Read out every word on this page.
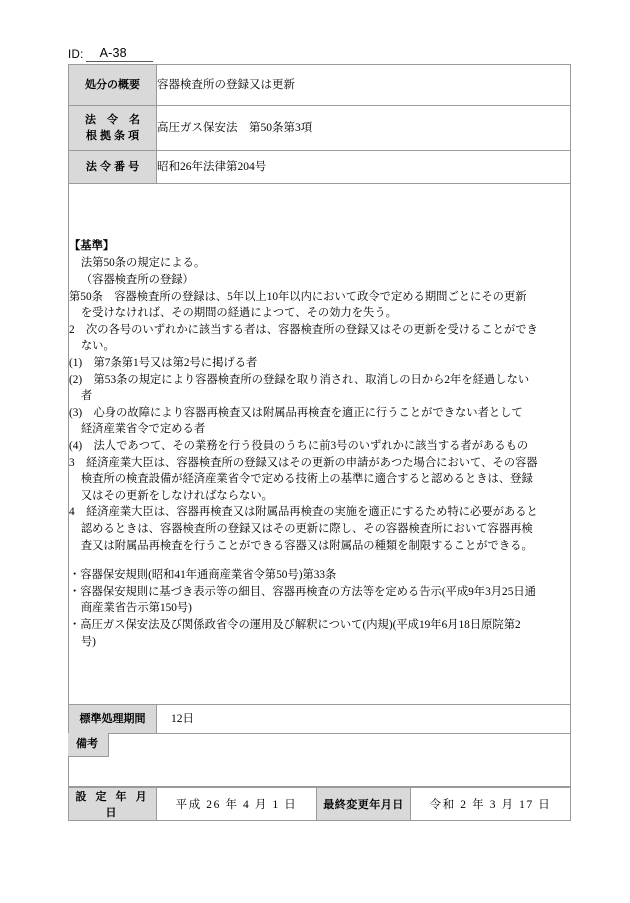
ID:	A-38
処分の概要	容器検査所の登録又は更新

法　令　名
根 拠 条 項	高圧ガス保安法　第50条第3項
法 令 番 号	昭和26年法律第204号

【基準】

法第50条の規定による。

（容器検査所の登録）

第50条　容器検査所の登録は、5年以上10年以内において政令で定める期間ごとにその更新

を受けなければ、その期間の経過によつて、その効力を失う。

2　次の各号のいずれかに該当する者は、容器検査所の登録又はその更新を受けることができ

ない。

(1)　 第7条第1号又は第2号に掲げる者

(2)　 第53条の規定により容器検査所の登録を取り消され、取消しの日から2年を経過しない

者

(3)　 心身の故障により容器再検査又は附属品再検査を適正に行うことができない者として

経済産業省令で定める者

(4)　 法人であつて、その業務を行う役員のうちに前3号のいずれかに該当する者があるもの

3　経済産業大臣は、容器検査所の登録又はその更新の申請があつた場合において、その容器

検査所の検査設備が経済産業省令で定める技術上の基準に適合すると認めるときは、登録

又はその更新をしなければならない。

4　経済産業大臣は、容器再検査又は附属品再検査の実施を適正にするため特に必要があると

認めるときは、容器検査所の登録又はその更新に際し、その容器検査所において容器再検

査又は附属品再検査を行うことができる容器又は附属品の種類を制限することができる。

・容器保安規則(昭和41年通商産業省令第50号)第33条

・容器保安規則に基づき表示等の細目、容器再検査の方法等を定める告示(平成9年3月25日通

商産業省告示第150号)

・高圧ガス保安法及び関係政省令の運用及び解釈について(内規)(平成19年6月18日原院第2

号)

標準処理期間	12日
備考	
設 定 年 月 日	平成 26 年 4 月 1 日	最終変更年月日	令和 2 年 3 月 17 日
